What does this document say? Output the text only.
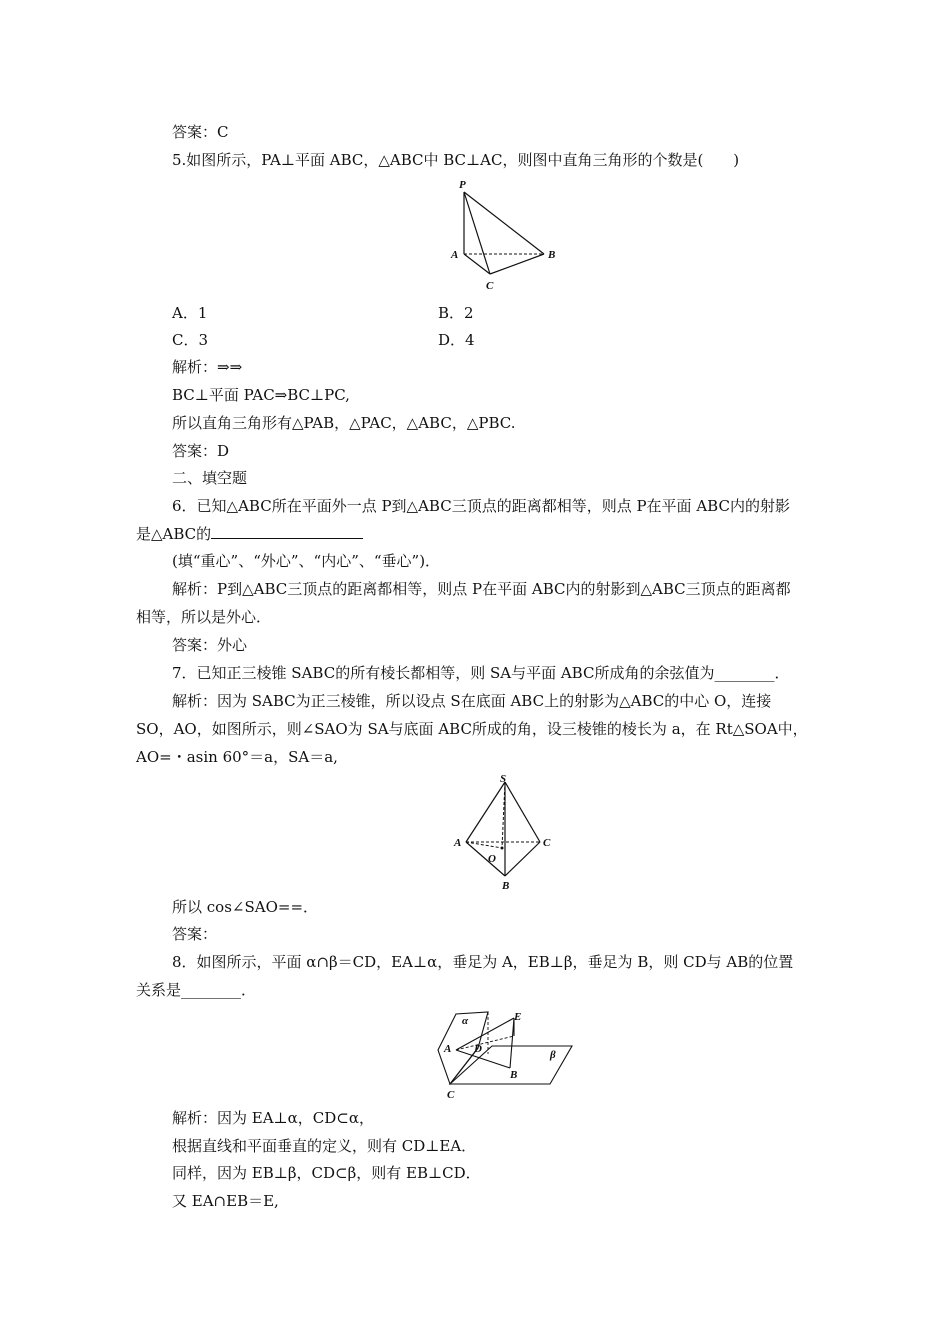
答案：C
5.如图所示，PA⊥平面 ABC，△ABC中 BC⊥AC，则图中直角三角形的个数是(　　)
P
A	B
C
A．1	B．2
C．3	D．4
解析：⇒⇒
BC⊥平面 PAC⇒BC⊥PC,
所以直角三角形有△PAB，△PAC，△ABC，△PBC.
答案：D
二、填空题
6．已知△ABC所在平面外一点 P到△ABC三顶点的距离都相等，则点 P在平面 ABC内的射影
是△ABC的
(填“重心”、“外心”、“内心”、“垂心”)．
解析：P到△ABC三顶点的距离都相等，则点 P在平面 ABC内的射影到△ABC三顶点的距离都
相等，所以是外心．
答案：外心
7．已知正三棱锥 SABC的所有棱长都相等，则 SA与平面 ABC所成角的余弦值为________．
解析：因为 SABC为正三棱锥，所以设点 S在底面 ABC上的射影为△ABC的中心 O，连接
SO，AO，如图所示，则∠SAO为 SA与底面 ABC所成的角，设三棱锥的棱长为 a，在 Rt△SOA中，
AO=・asin 60°＝a，SA＝a,
S
A	C
O
B
所以 cos∠SAO==．
答案：
8．如图所示，平面 α∩β＝CD，EA⊥α，垂足为 A，EB⊥β，垂足为 B，则 CD与 AB的位置
关系是________．
α	E
A D	β
B
C
解析：因为 EA⊥α，CD⊂α，
根据直线和平面垂直的定义，则有 CD⊥EA．
同样，因为 EB⊥β，CD⊂β，则有 EB⊥CD．
又 EA∩EB＝E,
